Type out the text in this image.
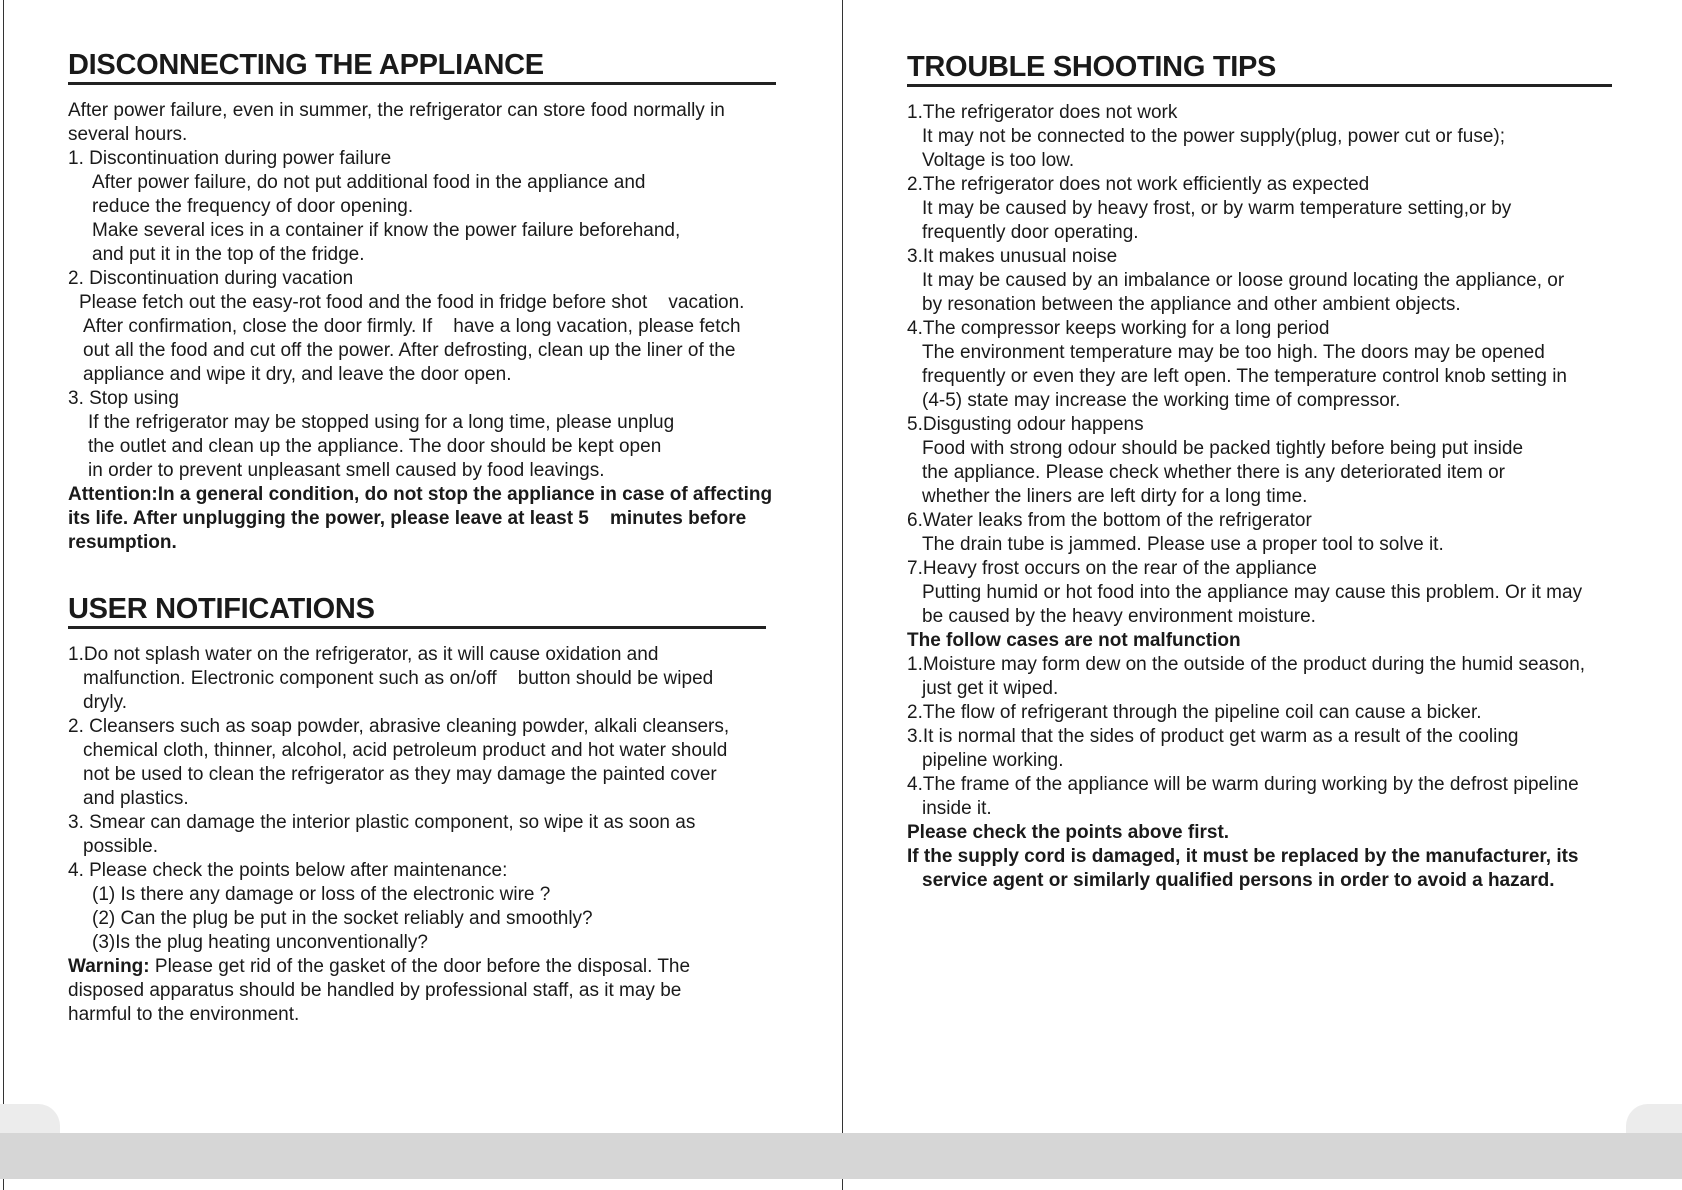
DISCONNECTING THE APPLIANCE
After power failure, even in summer, the refrigerator can store food normally in
several hours.
1. Discontinuation during power failure
After power failure, do not put additional food in the appliance and
reduce the frequency of door opening.
Make several ices in a container if know the power failure beforehand,
and put it in the top of the fridge.
2. Discontinuation during vacation
Please fetch out the easy-rot food and the food in fridge before shot    vacation.
After confirmation, close the door firmly. If    have a long vacation, please fetch
out all the food and cut off the power. After defrosting, clean up the liner of the
appliance and wipe it dry, and leave the door open.
3. Stop using
If the refrigerator may be stopped using for a long time, please unplug
the outlet and clean up the appliance. The door should be kept open
in order to prevent unpleasant smell caused by food leavings.
Attention:In a general condition, do not stop the appliance in case of affecting
its life. After unplugging the power, please leave at least 5    minutes before
resumption.
USER NOTIFICATIONS
1.Do not splash water on the refrigerator, as it will cause oxidation and
malfunction. Electronic component such as on/off    button should be wiped
dryly.
2. Cleansers such as soap powder, abrasive cleaning powder, alkali cleansers,
chemical cloth, thinner, alcohol, acid petroleum product and hot water should
not be used to clean the refrigerator as they may damage the painted cover
and plastics.
3. Smear can damage the interior plastic component, so wipe it as soon as
possible.
4. Please check the points below after maintenance:
(1) Is there any damage or loss of the electronic wire ?
(2) Can the plug be put in the socket reliably and smoothly?
(3)Is the plug heating unconventionally?
Warning: Please get rid of the gasket of the door before the disposal. The
disposed apparatus should be handled by professional staff, as it may be
harmful to the environment.
TROUBLE SHOOTING TIPS
1.The refrigerator does not work
It may not be connected to the power supply(plug, power cut or fuse);
Voltage is too low.
2.The refrigerator does not work efficiently as expected
It may be caused by heavy frost, or by warm temperature setting,or by
frequently door operating.
3.It makes unusual noise
It may be caused by an imbalance or loose ground locating the appliance, or
by resonation between the appliance and other ambient objects.
4.The compressor keeps working for a long period
The environment temperature may be too high. The doors may be opened
frequently or even they are left open. The temperature control knob setting in
(4-5) state may increase the working time of compressor.
5.Disgusting odour happens
Food with strong odour should be packed tightly before being put inside
the appliance. Please check whether there is any deteriorated item or
whether the liners are left dirty for a long time.
6.Water leaks from the bottom of the refrigerator
The drain tube is jammed. Please use a proper tool to solve it.
7.Heavy frost occurs on the rear of the appliance
Putting humid or hot food into the appliance may cause this problem. Or it may
be caused by the heavy environment moisture.
The follow cases are not malfunction
1.Moisture may form dew on the outside of the product during the humid season,
just get it wiped.
2.The flow of refrigerant through the pipeline coil can cause a bicker.
3.It is normal that the sides of product get warm as a result of the cooling
pipeline working.
4.The frame of the appliance will be warm during working by the defrost pipeline
inside it.
Please check the points above first.
If the supply cord is damaged, it must be replaced by the manufacturer, its
service agent or similarly qualified persons in order to avoid a hazard.
